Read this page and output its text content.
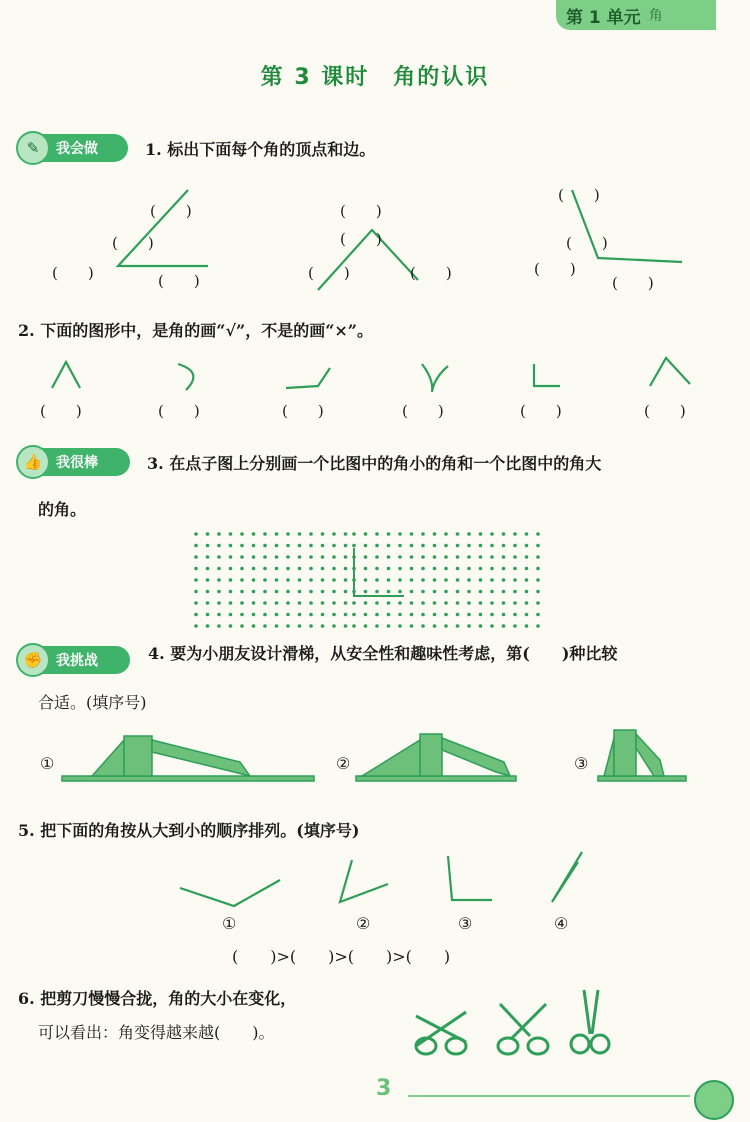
第 1 单元 角
第 3 课时　角的认识
✎	我会做	1. 标出下面每个角的顶点和边。
(　　)
(　　)
(　　)	(　　)
(　　)
(　　)
(　　)	(　　)
(　　)
(　　)
(　　)
(　　)
2. 下面的图形中，是角的画“√”，不是的画“×”。
(　　)	(　　)	(　　)	(　　)	(　　)	(　　)
👍 我很棒	3. 在点子图上分别画一个比图中的角小的角和一个比图中的角大
的角。
✊ 我挑战	4. 要为小朋友设计滑梯，从安全性和趣味性考虑，第(　　)种比较
合适。(填序号)
①	②	③
5. 把下面的角按从大到小的顺序排列。(填序号)
①	②	③	④
(　　)>(　　)>(　　)>(　　)
6. 把剪刀慢慢合拢，角的大小在变化，
可以看出：角变得越来越(　　)。
3
